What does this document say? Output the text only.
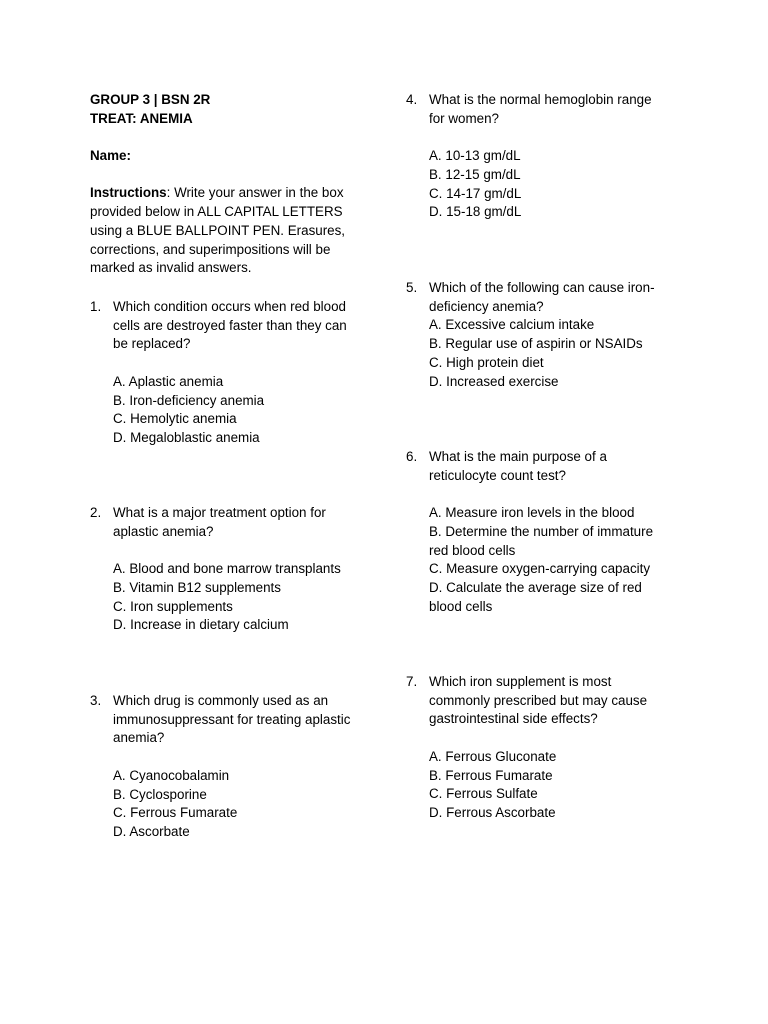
GROUP 3 | BSN 2R
TREAT: ANEMIA
Name:
Instructions: Write your answer in the box provided below in ALL CAPITAL LETTERS using a BLUE BALLPOINT PEN. Erasures, corrections, and superimpositions will be marked as invalid answers.
1. Which condition occurs when red blood
cells are destroyed faster than they can
be replaced?
A. Aplastic anemia
B. Iron-deficiency anemia
C. Hemolytic anemia
D. Megaloblastic anemia
2. What is a major treatment option for
aplastic anemia?
A. Blood and bone marrow transplants
B. Vitamin B12 supplements
C. Iron supplements
D. Increase in dietary calcium
3. Which drug is commonly used as an
immunosuppressant for treating aplastic
anemia?
A. Cyanocobalamin
B. Cyclosporine
C. Ferrous Fumarate
D. Ascorbate
4. What is the normal hemoglobin range
for women?
A. 10-13 gm/dL
B. 12-15 gm/dL
C. 14-17 gm/dL
D. 15-18 gm/dL
5. Which of the following can cause iron-
deficiency anemia?
A. Excessive calcium intake
B. Regular use of aspirin or NSAIDs
C. High protein diet
D. Increased exercise
6. What is the main purpose of a
reticulocyte count test?
A. Measure iron levels in the blood
B. Determine the number of immature
red blood cells
C. Measure oxygen-carrying capacity
D. Calculate the average size of red
blood cells
7. Which iron supplement is most
commonly prescribed but may cause
gastrointestinal side effects?
A. Ferrous Gluconate
B. Ferrous Fumarate
C. Ferrous Sulfate
D. Ferrous Ascorbate
